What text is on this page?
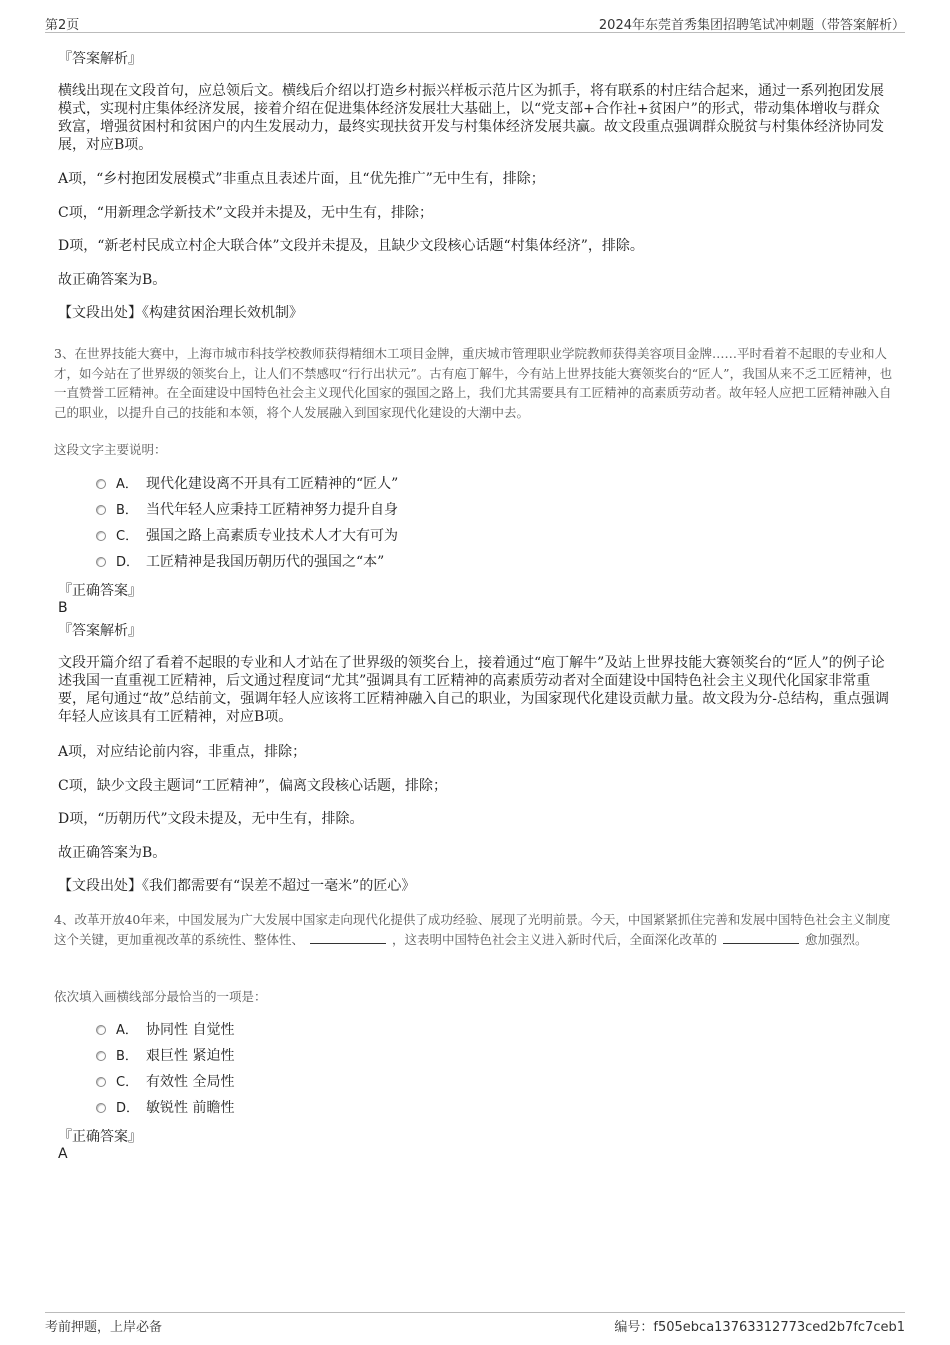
第2页	2024年东莞首秀集团招聘笔试冲刺题（带答案解析）
『答案解析』
横线出现在文段首句，应总领后文。横线后介绍以打造乡村振兴样板示范片区为抓手，将有联系的村庄结合起来，通过一系列抱团发展模式，实现村庄集体经济发展，接着介绍在促进集体经济发展壮大基础上，以“党支部+合作社+贫困户”的形式，带动集体增收与群众致富，增强贫困村和贫困户的内生发展动力，最终实现扶贫开发与村集体经济发展共赢。故文段重点强调群众脱贫与村集体经济协同发展，对应B项。
A项，“乡村抱团发展模式”非重点且表述片面，且“优先推广”无中生有，排除；
C项，“用新理念学新技术”文段并未提及，无中生有，排除；
D项，“新老村民成立村企大联合体”文段并未提及，且缺少文段核心话题“村集体经济”，排除。
故正确答案为B。
【文段出处】《构建贫困治理长效机制》
3、在世界技能大赛中，上海市城市科技学校教师获得精细木工项目金牌，重庆城市管理职业学院教师获得美容项目金牌……平时看着不起眼的专业和人才，如今站在了世界级的领奖台上，让人们不禁感叹“行行出状元”。古有庖丁解牛，今有站上世界技能大赛领奖台的“匠人”，我国从来不乏工匠精神，也一直赞誉工匠精神。在全面建设中国特色社会主义现代化国家的强国之路上，我们尤其需要具有工匠精神的高素质劳动者。故年轻人应把工匠精神融入自己的职业，以提升自己的技能和本领，将个人发展融入到国家现代化建设的大潮中去。
这段文字主要说明：
A． 现代化建设离不开具有工匠精神的“匠人”
B． 当代年轻人应秉持工匠精神努力提升自身
C． 强国之路上高素质专业技术人才大有可为
D． 工匠精神是我国历朝历代的强国之“本”
『正确答案』
B
『答案解析』
文段开篇介绍了看着不起眼的专业和人才站在了世界级的领奖台上，接着通过“庖丁解牛”及站上世界技能大赛领奖台的“匠人”的例子论述我国一直重视工匠精神，后文通过程度词“尤其”强调具有工匠精神的高素质劳动者对全面建设中国特色社会主义现代化国家非常重要，尾句通过“故”总结前文，强调年轻人应该将工匠精神融入自己的职业，为国家现代化建设贡献力量。故文段为分-总结构，重点强调年轻人应该具有工匠精神，对应B项。
A项，对应结论前内容，非重点，排除；
C项，缺少文段主题词“工匠精神”，偏离文段核心话题，排除；
D项，“历朝历代”文段未提及，无中生有，排除。
故正确答案为B。
【文段出处】《我们都需要有“误差不超过一毫米”的匠心》
4、改革开放40年来，中国发展为广大发展中国家走向现代化提供了成功经验、展现了光明前景。今天，中国紧紧抓住完善和发展中国特色社会主义制度这个关键，更加重视改革的系统性、整体性、	，这表明中国特色社会主义进入新时代后，全面深化改革的	愈加强烈。
依次填入画横线部分最恰当的一项是：
A． 协同性 自觉性
B． 艰巨性 紧迫性
C． 有效性 全局性
D． 敏锐性 前瞻性
『正确答案』
A
考前押题，上岸必备	编号：f505ebca13763312773ced2b7fc7ceb1
